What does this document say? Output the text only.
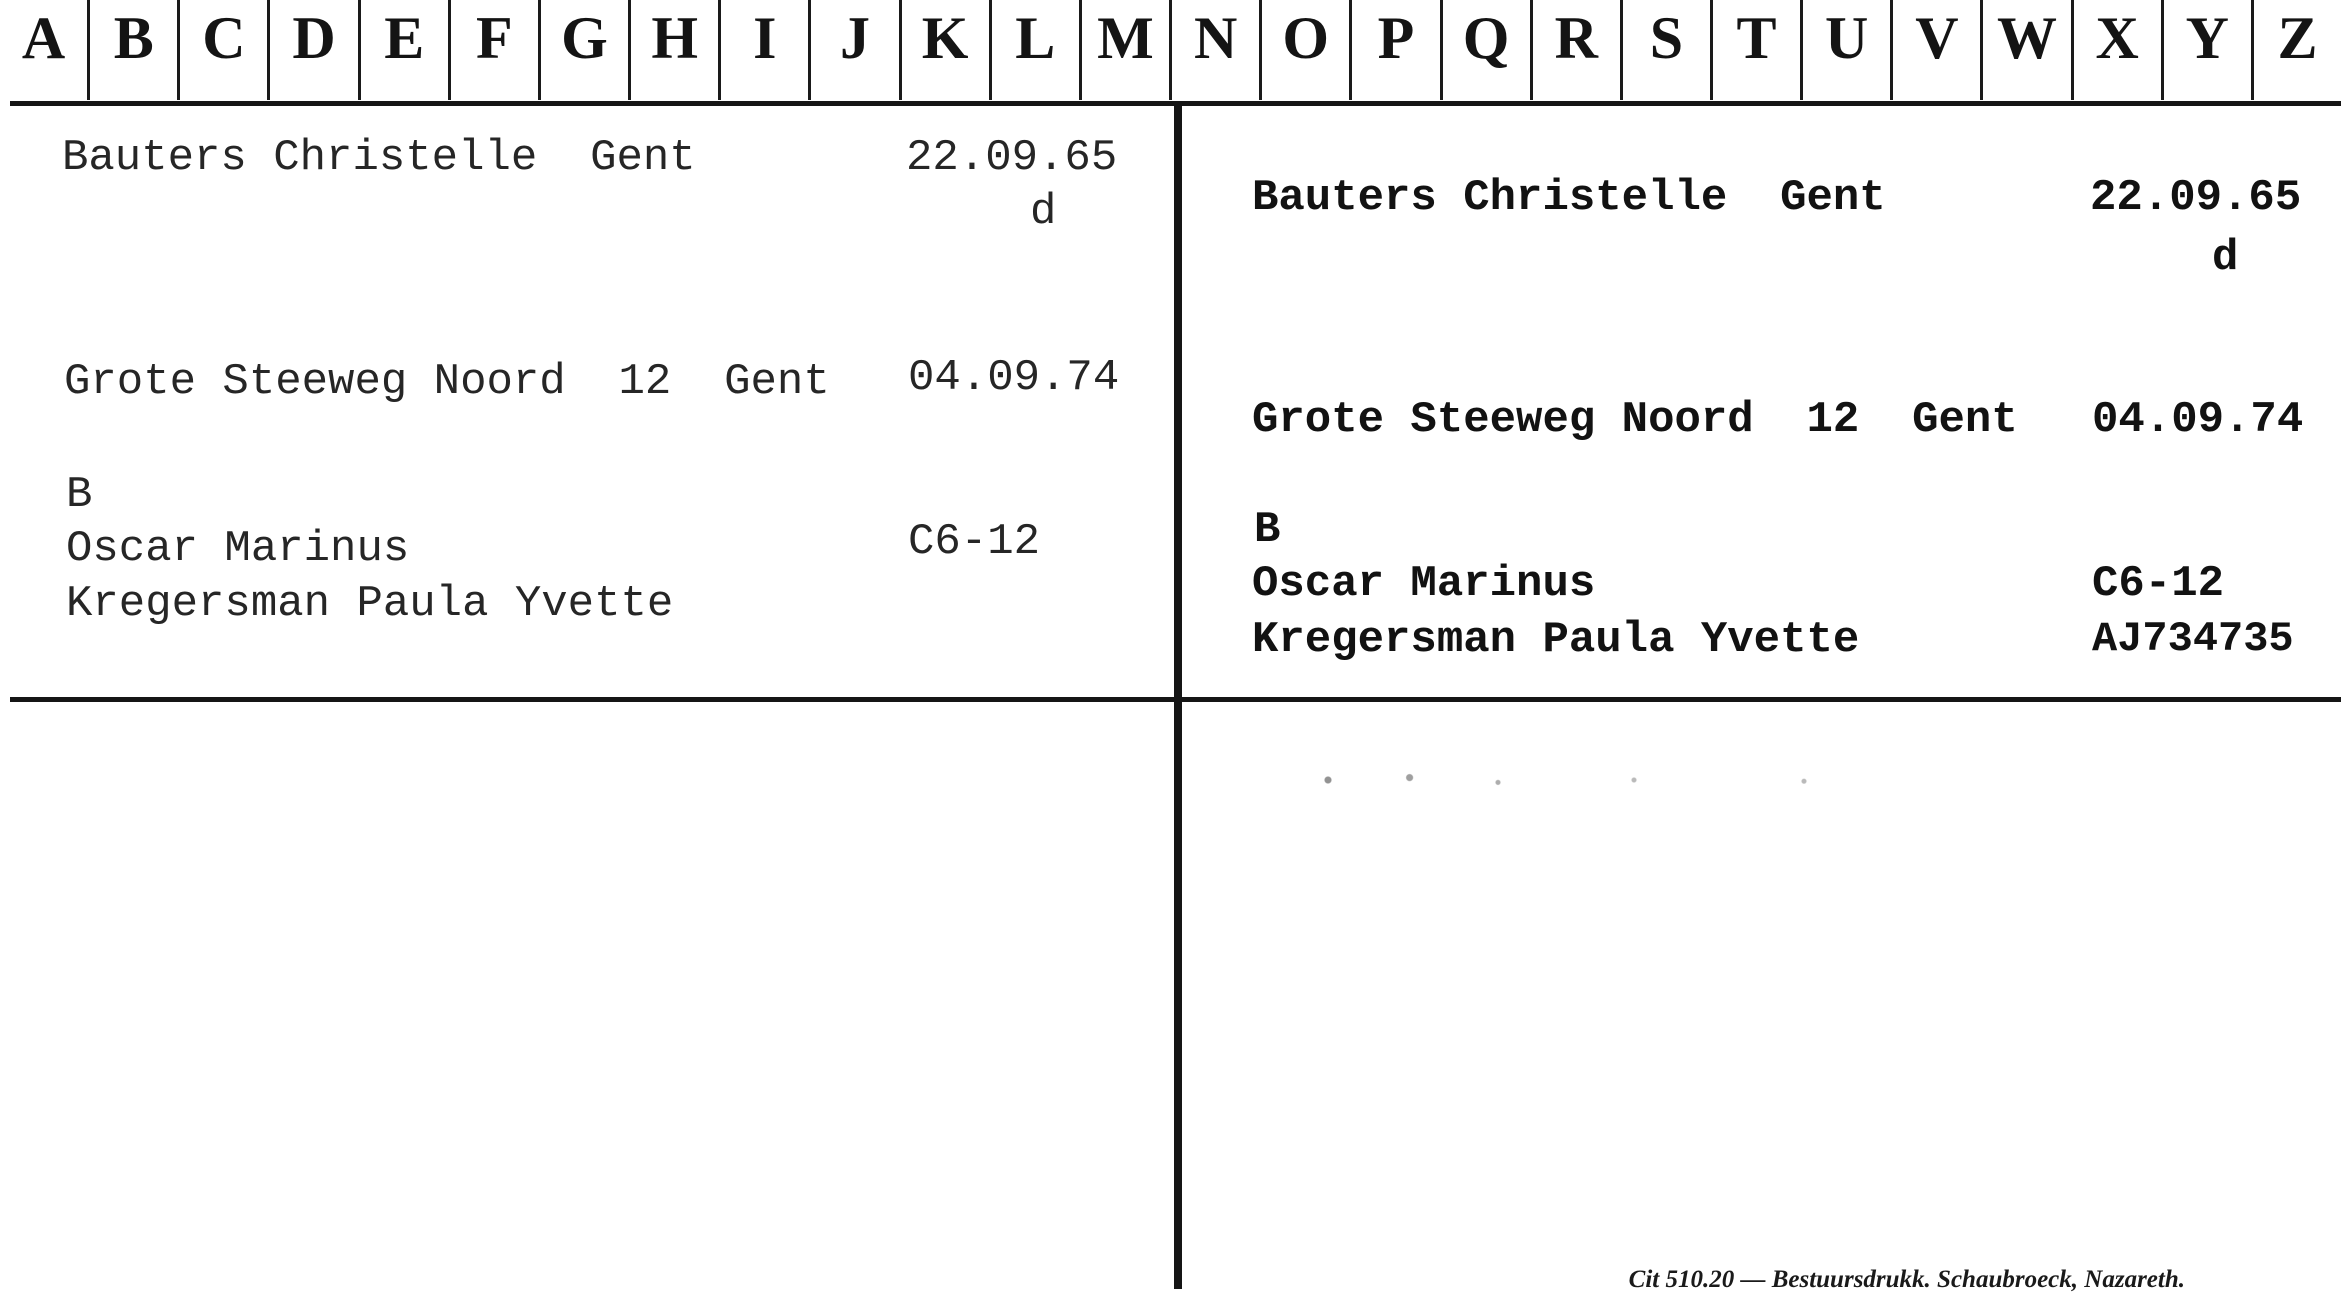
A B C D E F G H I	J K L M N O P Q R S T U V W X Y Z
Bauters Christelle  Gent	22.09.65
d
Grote Steeweg Noord  12  Gent 04.09.74
B
Oscar Marinus	C6-12
Kregersman Paula Yvette
Bauters Christelle  Gent	22.09.65
d
Grote Steeweg Noord  12  Gent 04.09.74
B
Oscar Marinus	C6-12
Kregersman Paula Yvette	AJ734735
Cit 510.20 — Bestuursdrukk. Schaubroeck, Nazareth.
